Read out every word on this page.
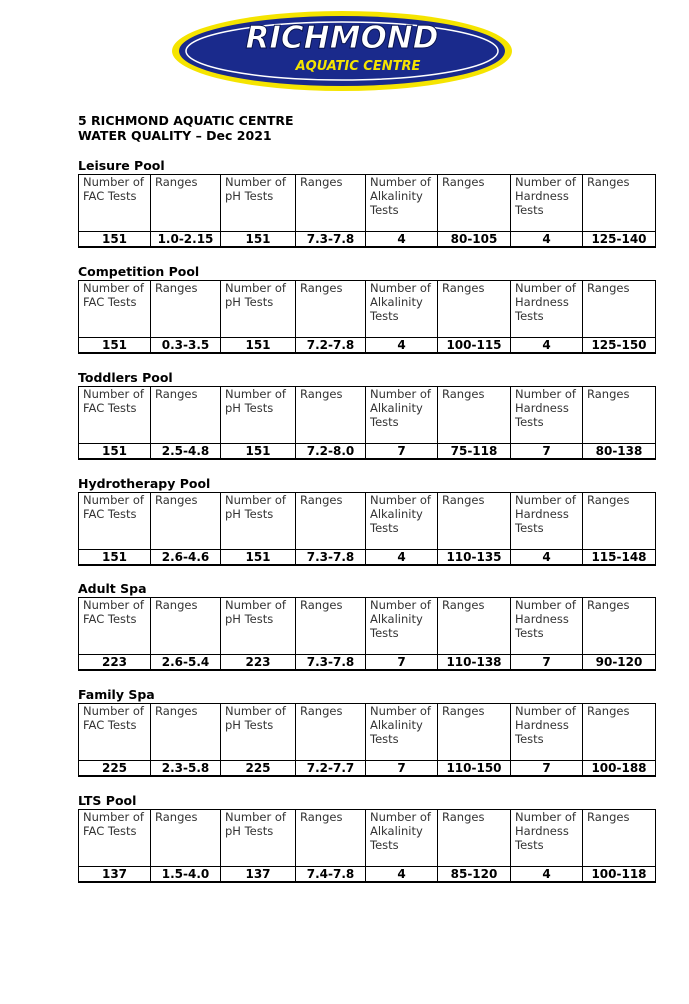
RICHMOND
AQUATIC CENTRE
5 RICHMOND AQUATIC CENTRE
WATER QUALITY – Dec 2021
Leisure Pool
Number of FAC Tests	Ranges	Number of pH Tests	Ranges	Number of Alkalinity Tests	Ranges	Number of Hardness Tests	Ranges
151	1.0-2.15	151	7.3-7.8	4	80-105	4	125-140
Competition Pool
Number of FAC Tests	Ranges	Number of pH Tests	Ranges	Number of Alkalinity Tests	Ranges	Number of Hardness Tests	Ranges
151	0.3-3.5	151	7.2-7.8	4	100-115	4	125-150
Toddlers Pool
Number of FAC Tests	Ranges	Number of pH Tests	Ranges	Number of Alkalinity Tests	Ranges	Number of Hardness Tests	Ranges
151	2.5-4.8	151	7.2-8.0	7	75-118	7	80-138
Hydrotherapy Pool
Number of FAC Tests	Ranges	Number of pH Tests	Ranges	Number of Alkalinity Tests	Ranges	Number of Hardness Tests	Ranges
151	2.6-4.6	151	7.3-7.8	4	110-135	4	115-148
Adult Spa
Number of FAC Tests	Ranges	Number of pH Tests	Ranges	Number of Alkalinity Tests	Ranges	Number of Hardness Tests	Ranges
223	2.6-5.4	223	7.3-7.8	7	110-138	7	90-120
Family Spa
Number of FAC Tests	Ranges	Number of pH Tests	Ranges	Number of Alkalinity Tests	Ranges	Number of Hardness Tests	Ranges
225	2.3-5.8	225	7.2-7.7	7	110-150	7	100-188
LTS Pool
Number of FAC Tests	Ranges	Number of pH Tests	Ranges	Number of Alkalinity Tests	Ranges	Number of Hardness Tests	Ranges
137	1.5-4.0	137	7.4-7.8	4	85-120	4	100-118
